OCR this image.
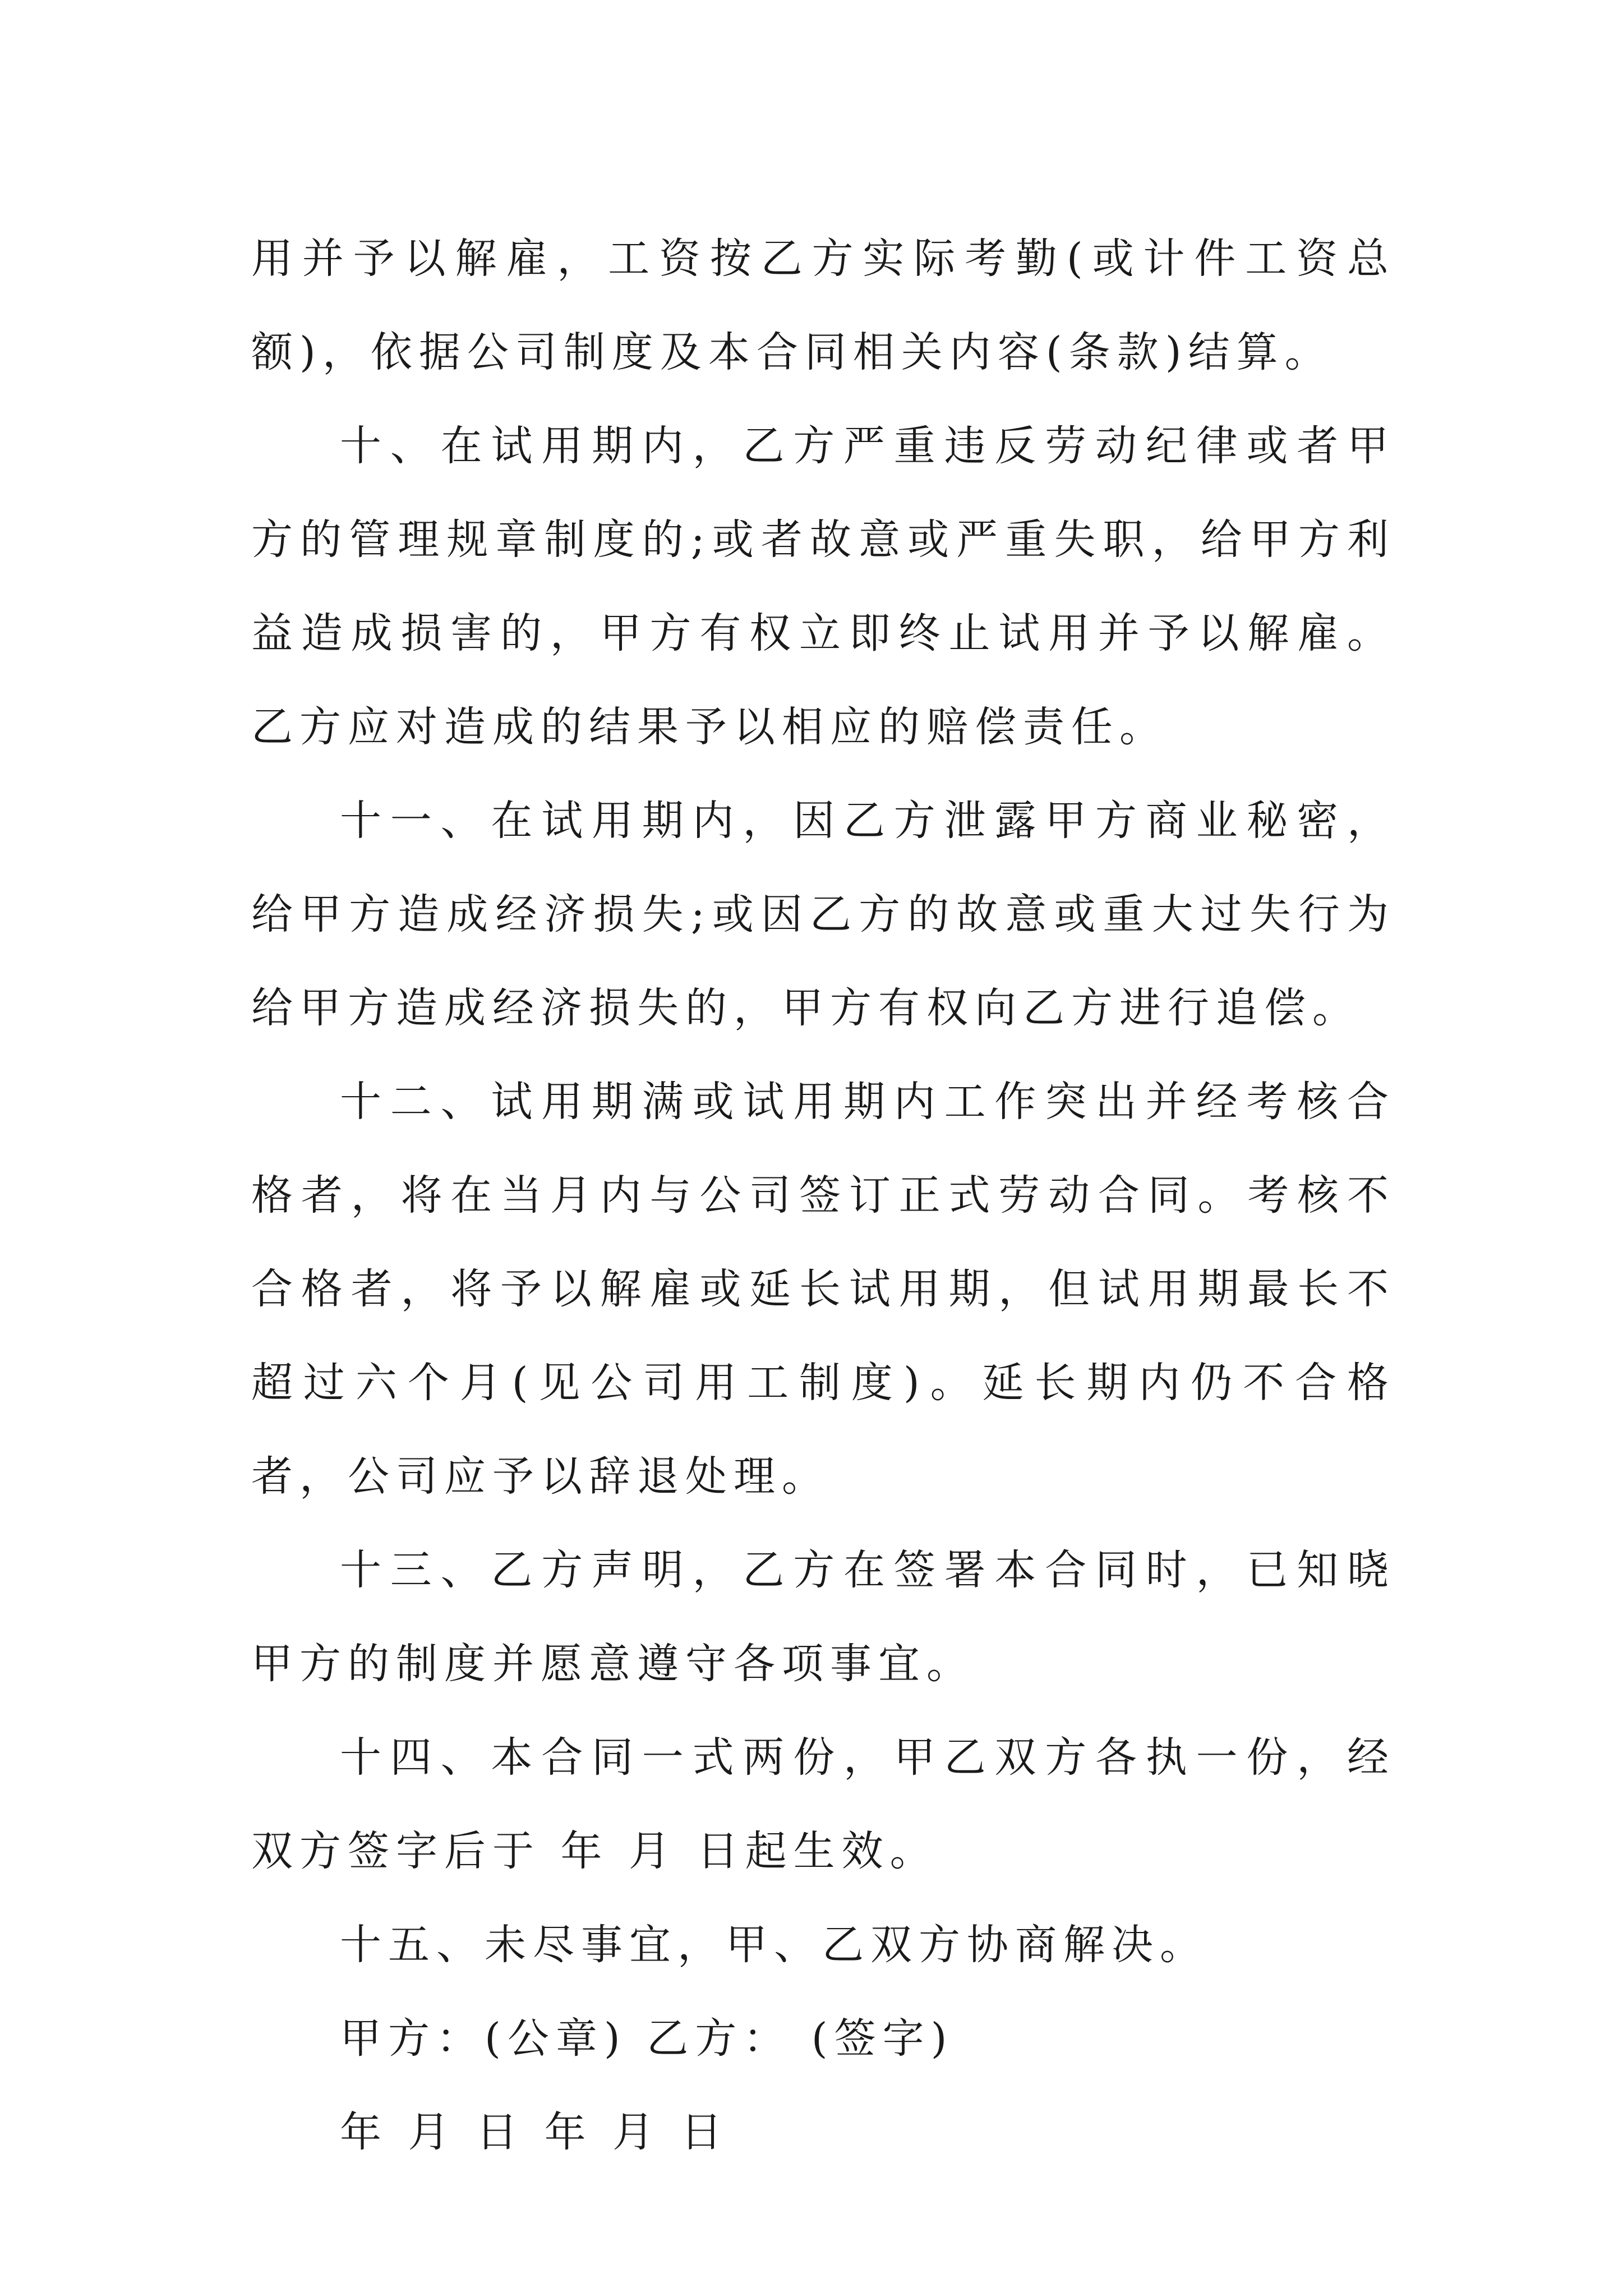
用并予以解雇，工资按乙方实际考勤(或计件工资总额)，依据公司制度及本合同相关内容(条款)结算。

十、在试用期内，乙方严重违反劳动纪律或者甲方的管理规章制度的;或者故意或严重失职，给甲方利益造成损害的，甲方有权立即终止试用并予以解雇。乙方应对造成的结果予以相应的赔偿责任。

十一、在试用期内，因乙方泄露甲方商业秘密，给甲方造成经济损失;或因乙方的故意或重大过失行为给甲方造成经济损失的，甲方有权向乙方进行追偿。

十二、试用期满或试用期内工作突出并经考核合格者，将在当月内与公司签订正式劳动合同。考核不合格者，将予以解雇或延长试用期，但试用期最长不超过六个月(见公司用工制度)。延长期内仍不合格者，公司应予以辞退处理。

十三、乙方声明，乙方在签署本合同时，已知晓甲方的制度并愿意遵守各项事宜。

十四、本合同一式两份，甲乙双方各执一份，经双方签字后于 年 月 日起生效。

十五、未尽事宜，甲、乙双方协商解决。

甲方：(公章) 乙方： (签字)

年 月 日 年 月 日
